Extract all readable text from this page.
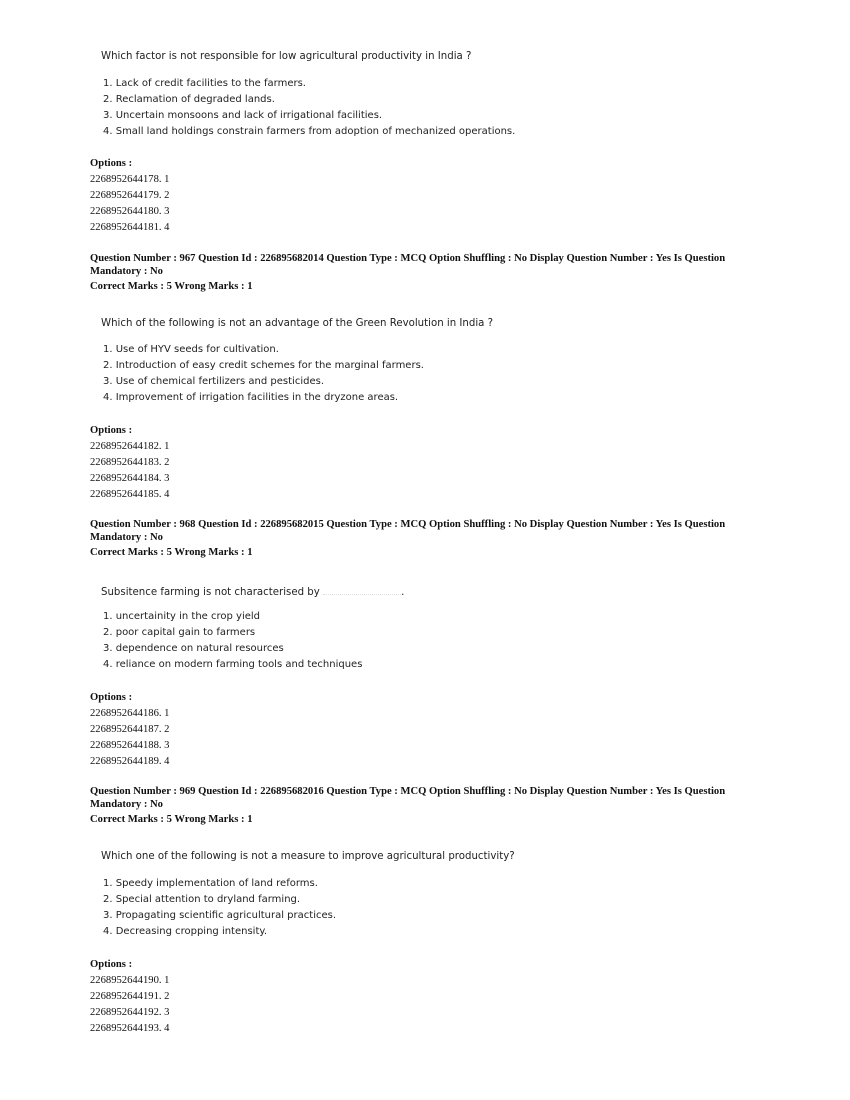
Which factor is not responsible for low agricultural productivity in India ?
1. Lack of credit facilities to the farmers.
2. Reclamation of degraded lands.
3. Uncertain monsoons and lack of irrigational facilities.
4. Small land holdings constrain farmers from adoption of mechanized operations.
Options :
2268952644178. 1
2268952644179. 2
2268952644180. 3
2268952644181. 4
Question Number : 967 Question Id : 226895682014 Question Type : MCQ Option Shuffling : No Display Question Number : Yes Is Question
Mandatory : No
Correct Marks : 5 Wrong Marks : 1
Which of the following is not an advantage of the Green Revolution in India ?
1. Use of HYV seeds for cultivation.
2. Introduction of easy credit schemes for the marginal farmers.
3. Use of chemical fertilizers and pesticides.
4. Improvement of irrigation facilities in the dryzone areas.
Options :
2268952644182. 1
2268952644183. 2
2268952644184. 3
2268952644185. 4
Question Number : 968 Question Id : 226895682015 Question Type : MCQ Option Shuffling : No Display Question Number : Yes Is Question
Mandatory : No
Correct Marks : 5 Wrong Marks : 1
Subsitence farming is not characterised by	.
1. uncertainity in the crop yield
2. poor capital gain to farmers
3. dependence on natural resources
4. reliance on modern farming tools and techniques
Options :
2268952644186. 1
2268952644187. 2
2268952644188. 3
2268952644189. 4
Question Number : 969 Question Id : 226895682016 Question Type : MCQ Option Shuffling : No Display Question Number : Yes Is Question
Mandatory : No
Correct Marks : 5 Wrong Marks : 1
Which one of the following is not a measure to improve agricultural productivity?
1. Speedy implementation of land reforms.
2. Special attention to dryland farming.
3. Propagating scientific agricultural practices.
4. Decreasing cropping intensity.
Options :
2268952644190. 1
2268952644191. 2
2268952644192. 3
2268952644193. 4
